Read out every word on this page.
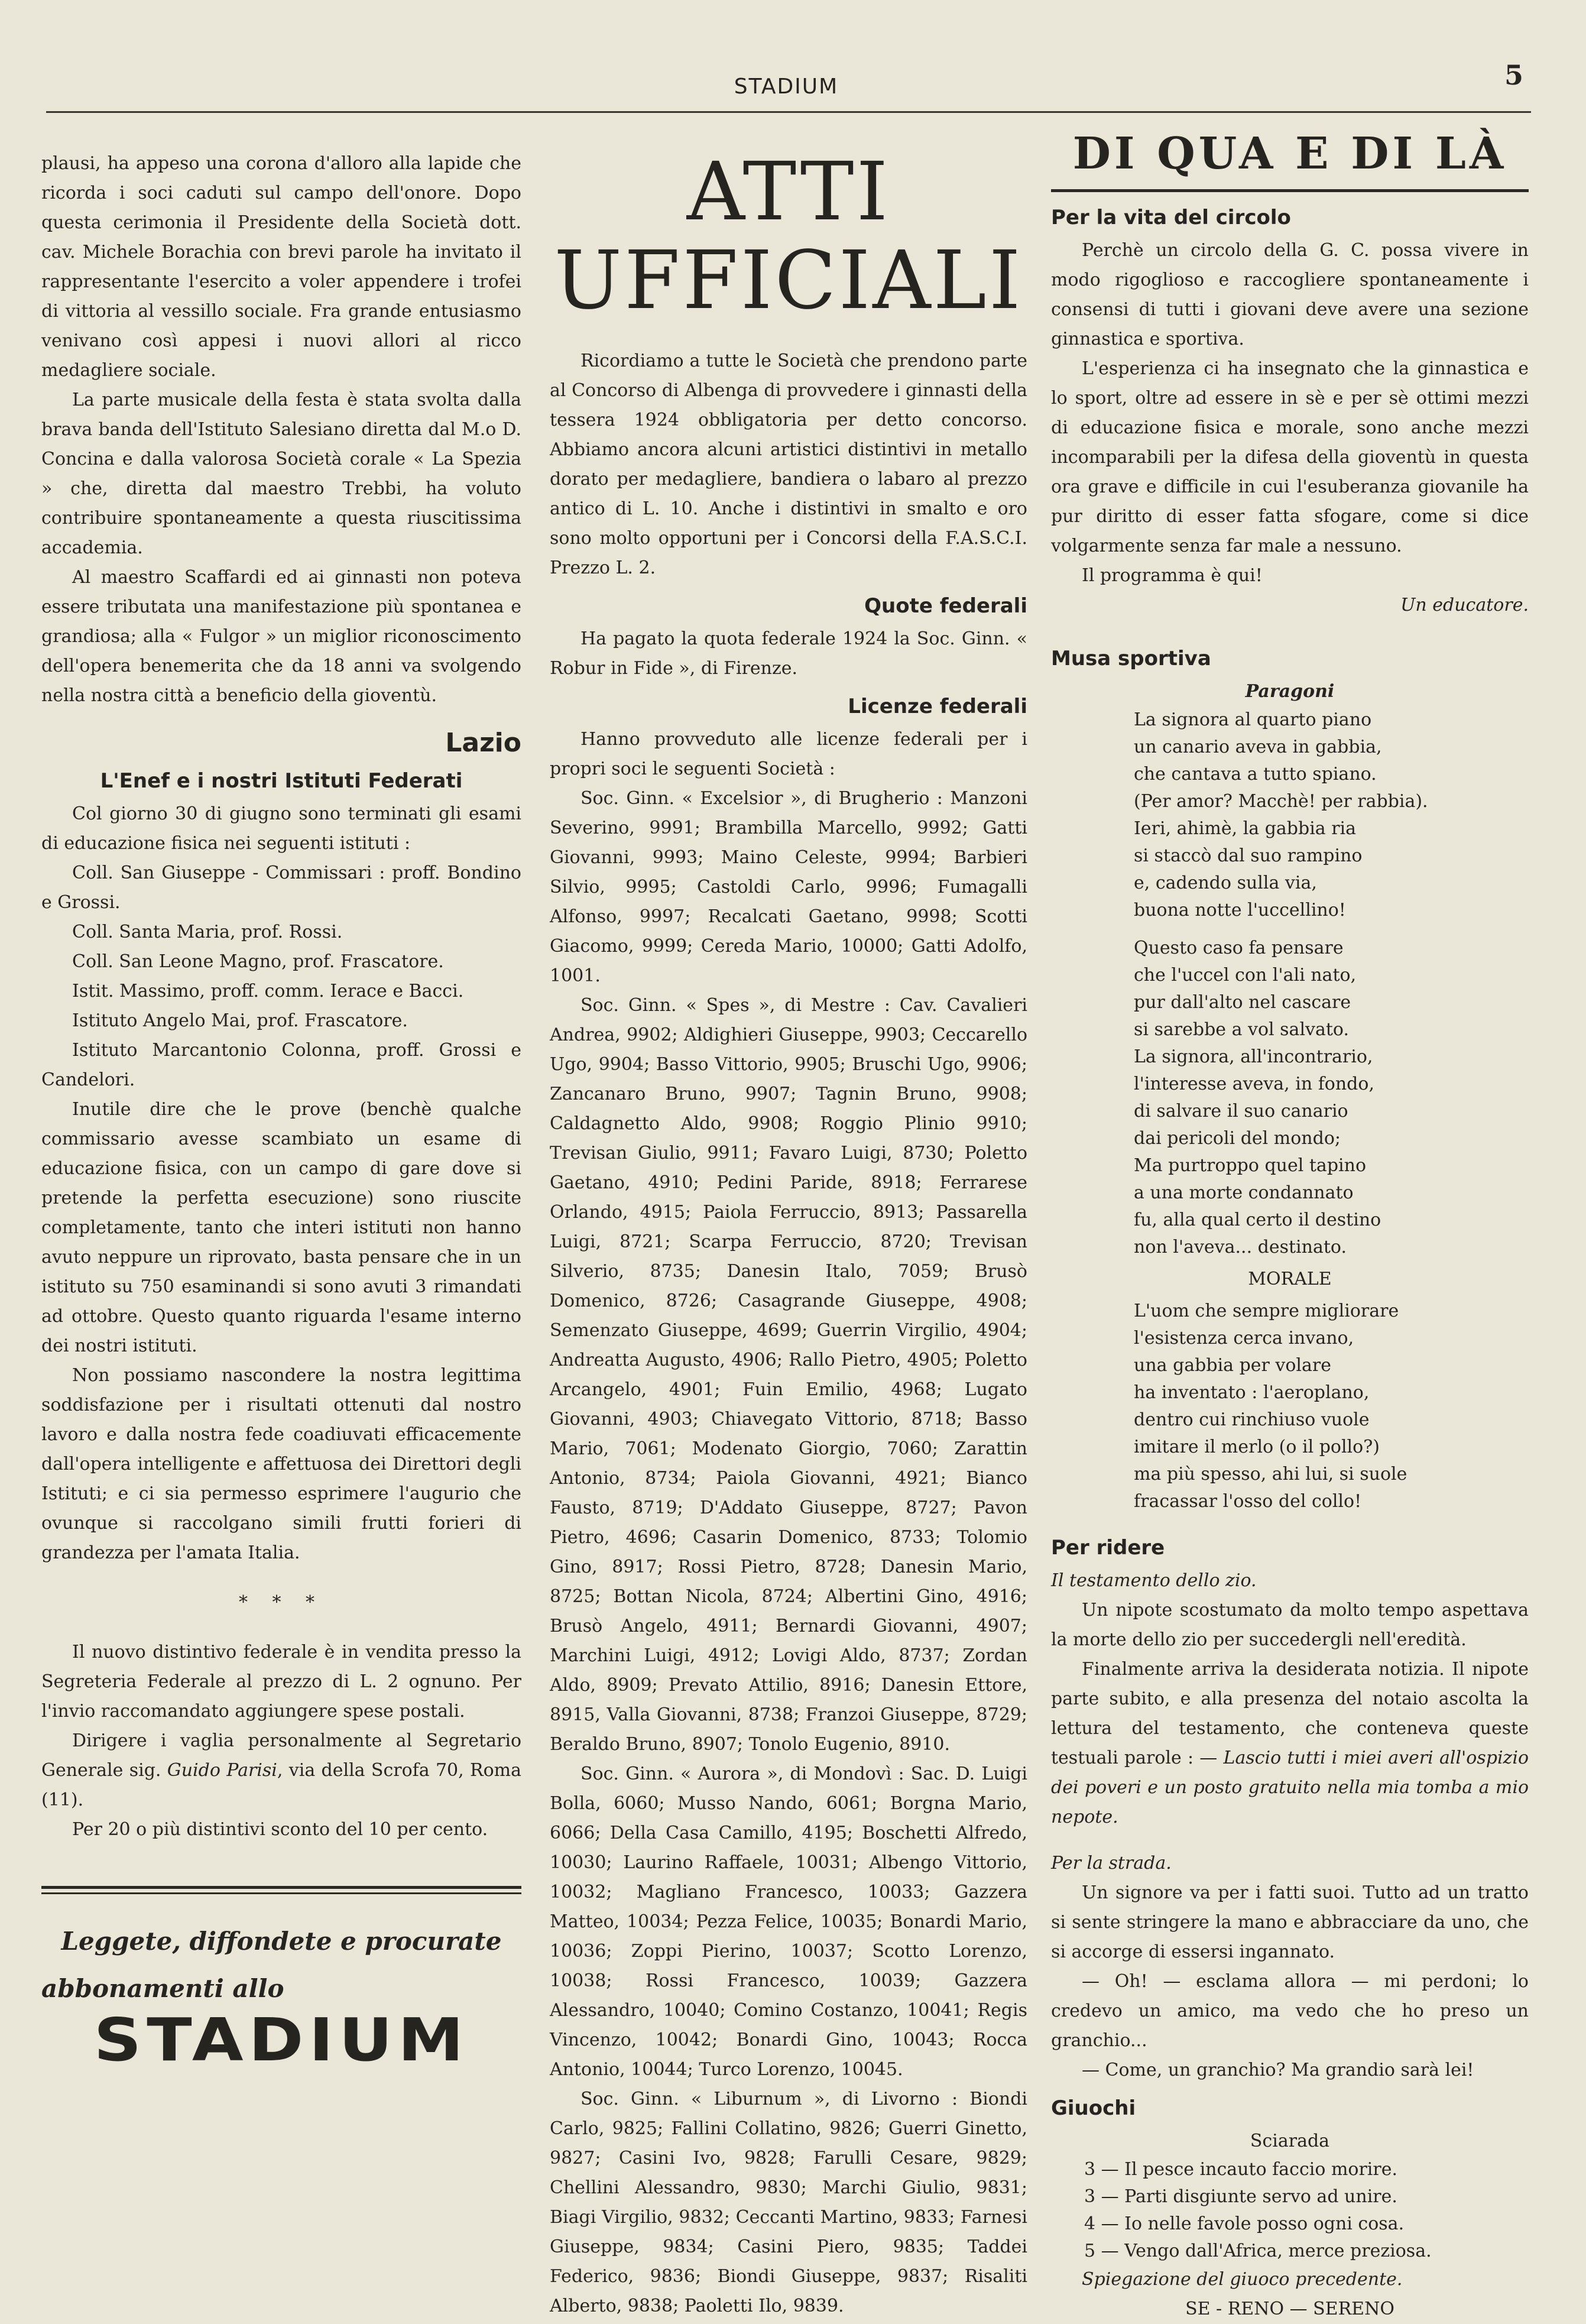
STADIUM	5

plausi, ha appeso una corona d'alloro alla lapide che ricorda i soci caduti sul campo dell'onore. Dopo questa cerimonia il Presidente della Società dott. cav. Michele Borachia con brevi parole ha invitato il rappresentante l'esercito a voler appendere i trofei di vittoria al vessillo sociale. Fra grande entusiasmo venivano così appesi i nuovi allori al ricco medagliere sociale.

La parte musicale della festa è stata svolta dalla brava banda dell'Istituto Salesiano diretta dal M.o D. Concina e dalla valorosa Società corale « La Spezia » che, diretta dal maestro Trebbi, ha voluto contribuire spontaneamente a questa riuscitissima accademia.

Al maestro Scaffardi ed ai ginnasti non poteva essere tributata una manifestazione più spontanea e grandiosa; alla « Fulgor » un miglior riconoscimento dell'opera benemerita che da 18 anni va svolgendo nella nostra città a beneficio della gioventù.

Lazio
L'Enef e i nostri Istituti Federati

Col giorno 30 di giugno sono terminati gli esami di educazione fisica nei seguenti istituti :

Coll. San Giuseppe - Commissari : proff. Bondino e Grossi.

Coll. Santa Maria, prof. Rossi.

Coll. San Leone Magno, prof. Frascatore.

Istit. Massimo, proff. comm. Ierace e Bacci.

Istituto Angelo Mai, prof. Frascatore.

Istituto Marcantonio Colonna, proff. Grossi e Candelori.

Inutile dire che le prove (benchè qualche commissario avesse scambiato un esame di educazione fisica, con un campo di gare dove si pretende la perfetta esecuzione) sono riuscite completamente, tanto che interi istituti non hanno avuto neppure un riprovato, basta pensare che in un istituto su 750 esaminandi si sono avuti 3 rimandati ad ottobre. Questo quanto riguarda l'esame interno dei nostri istituti.

Non possiamo nascondere la nostra legittima soddisfazione per i risultati ottenuti dal nostro lavoro e dalla nostra fede coadiuvati efficacemente dall'opera intelligente e affettuosa dei Direttori degli Istituti; e ci sia permesso esprimere l'augurio che ovunque si raccolgano simili frutti forieri di grandezza per l'amata Italia.

* * *

Il nuovo distintivo federale è in vendita presso la Segreteria Federale al prezzo di L. 2 ognuno. Per l'invio raccomandato aggiungere spese postali.

Dirigere i vaglia personalmente al Segretario Generale sig. Guido Parisi, via della Scrofa 70, Roma (11).

Per 20 o più distintivi sconto del 10 per cento.

Leggete, diffondete e procurate
abbonamenti allo
STADIUM
ATTI UFFICIALI

Ricordiamo a tutte le Società che prendono parte al Concorso di Albenga di provvedere i ginnasti della tessera 1924 obbligatoria per detto concorso. Abbiamo ancora alcuni artistici distintivi in metallo dorato per medagliere, bandiera o labaro al prezzo antico di L. 10. Anche i distintivi in smalto e oro sono molto opportuni per i Concorsi della F.A.S.C.I. Prezzo L. 2.

Quote federali

Ha pagato la quota federale 1924 la Soc. Ginn. « Robur in Fide », di Firenze.

Licenze federali

Hanno provveduto alle licenze federali per i propri soci le seguenti Società :

Soc. Ginn. « Excelsior », di Brugherio : Manzoni Severino, 9991; Brambilla Marcello, 9992; Gatti Giovanni, 9993; Maino Celeste, 9994; Barbieri Silvio, 9995; Castoldi Carlo, 9996; Fumagalli Alfonso, 9997; Recalcati Gaetano, 9998; Scotti Giacomo, 9999; Cereda Mario, 10000; Gatti Adolfo, 1001.

Soc. Ginn. « Spes », di Mestre : Cav. Cavalieri Andrea, 9902; Aldighieri Giuseppe, 9903; Ceccarello Ugo, 9904; Basso Vittorio, 9905; Bruschi Ugo, 9906; Zancanaro Bruno, 9907; Tagnin Bruno, 9908; Caldagnetto Aldo, 9908; Roggio Plinio 9910; Trevisan Giulio, 9911; Favaro Luigi, 8730; Poletto Gaetano, 4910; Pedini Paride, 8918; Ferrarese Orlando, 4915; Paiola Ferruccio, 8913; Passarella Luigi, 8721; Scarpa Ferruccio, 8720; Trevisan Silverio, 8735; Danesin Italo, 7059; Brusò Domenico, 8726; Casagrande Giuseppe, 4908; Semenzato Giuseppe, 4699; Guerrin Virgilio, 4904; Andreatta Augusto, 4906; Rallo Pietro, 4905; Poletto Arcangelo, 4901; Fuin Emilio, 4968; Lugato Giovanni, 4903; Chiavegato Vittorio, 8718; Basso Mario, 7061; Modenato Giorgio, 7060; Zarattin Antonio, 8734; Paiola Giovanni, 4921; Bianco Fausto, 8719; D'Addato Giuseppe, 8727; Pavon Pietro, 4696; Casarin Domenico, 8733; Tolomio Gino, 8917; Rossi Pietro, 8728; Danesin Mario, 8725; Bottan Nicola, 8724; Albertini Gino, 4916; Brusò Angelo, 4911; Bernardi Giovanni, 4907; Marchini Luigi, 4912; Lovigi Aldo, 8737; Zordan Aldo, 8909; Prevato Attilio, 8916; Danesin Ettore, 8915, Valla Giovanni, 8738; Franzoi Giuseppe, 8729; Beraldo Bruno, 8907; Tonolo Eugenio, 8910.

Soc. Ginn. « Aurora », di Mondovì : Sac. D. Luigi Bolla, 6060; Musso Nando, 6061; Borgna Mario, 6066; Della Casa Camillo, 4195; Boschetti Alfredo, 10030; Laurino Raffaele, 10031; Albengo Vittorio, 10032; Magliano Francesco, 10033; Gazzera Matteo, 10034; Pezza Felice, 10035; Bonardi Mario, 10036; Zoppi Pierino, 10037; Scotto Lorenzo, 10038; Rossi Francesco, 10039; Gazzera Alessandro, 10040; Comino Costanzo, 10041; Regis Vincenzo, 10042; Bonardi Gino, 10043; Rocca Antonio, 10044; Turco Lorenzo, 10045.

Soc. Ginn. « Liburnum », di Livorno : Biondi Carlo, 9825; Fallini Collatino, 9826; Guerri Ginetto, 9827; Casini Ivo, 9828; Farulli Cesare, 9829; Chellini Alessandro, 9830; Marchi Giulio, 9831; Biagi Virgilio, 9832; Ceccanti Martino, 9833; Farnesi Giuseppe, 9834; Casini Piero, 9835; Taddei Federico, 9836; Biondi Giuseppe, 9837; Risaliti Alberto, 9838; Paoletti Ilo, 9839.

DI QUA E DI LÀ
Per la vita del circolo

Perchè un circolo della G. C. possa vivere in modo rigoglioso e raccogliere spontaneamente i consensi di tutti i giovani deve avere una sezione ginnastica e sportiva.

L'esperienza ci ha insegnato che la ginnastica e lo sport, oltre ad essere in sè e per sè ottimi mezzi di educazione fisica e morale, sono anche mezzi incomparabili per la difesa della gioventù in questa ora grave e difficile in cui l'esuberanza giovanile ha pur diritto di esser fatta sfogare, come si dice volgarmente senza far male a nessuno.

Il programma è qui!

Un educatore.
Musa sportiva
Paragoni
La signora al quarto piano
un canario aveva in gabbia,
che cantava a tutto spiano.
(Per amor? Macchè! per rabbia).
Ieri, ahimè, la gabbia ria
si staccò dal suo rampino
e, cadendo sulla via,
buona notte l'uccellino!
Questo caso fa pensare
che l'uccel con l'ali nato,
pur dall'alto nel cascare
si sarebbe a vol salvato.
La signora, all'incontrario,
l'interesse aveva, in fondo,
di salvare il suo canario
dai pericoli del mondo;
Ma purtroppo quel tapino
a una morte condannato
fu, alla qual certo il destino
non l'aveva... destinato.
MORALE
L'uom che sempre migliorare
l'esistenza cerca invano,
una gabbia per volare
ha inventato : l'aeroplano,
dentro cui rinchiuso vuole
imitare il merlo (o il pollo?)
ma più spesso, ahi lui, si suole
fracassar l'osso del collo!
Per ridere

Il testamento dello zio.

Un nipote scostumato da molto tempo aspettava la morte dello zio per succedergli nell'eredità.

Finalmente arriva la desiderata notizia. Il nipote parte subito, e alla presenza del notaio ascolta la lettura del testamento, che conteneva queste testuali parole : — Lascio tutti i miei averi all'ospizio dei poveri e un posto gratuito nella mia tomba a mio nepote.

Per la strada.

Un signore va per i fatti suoi. Tutto ad un tratto si sente stringere la mano e abbracciare da uno, che si accorge di essersi ingannato.

— Oh! — esclama allora — mi perdoni; lo credevo un amico, ma vedo che ho preso un granchio...

— Come, un granchio? Ma grandio sarà lei!

Giuochi
Sciarada
3 — Il pesce incauto faccio morire.
3 — Parti disgiunte servo ad unire.
4 — Io nelle favole posso ogni cosa.
5 — Vengo dall'Africa, merce preziosa.

Spiegazione del giuoco precedente.

SE - RENO — SERENO
